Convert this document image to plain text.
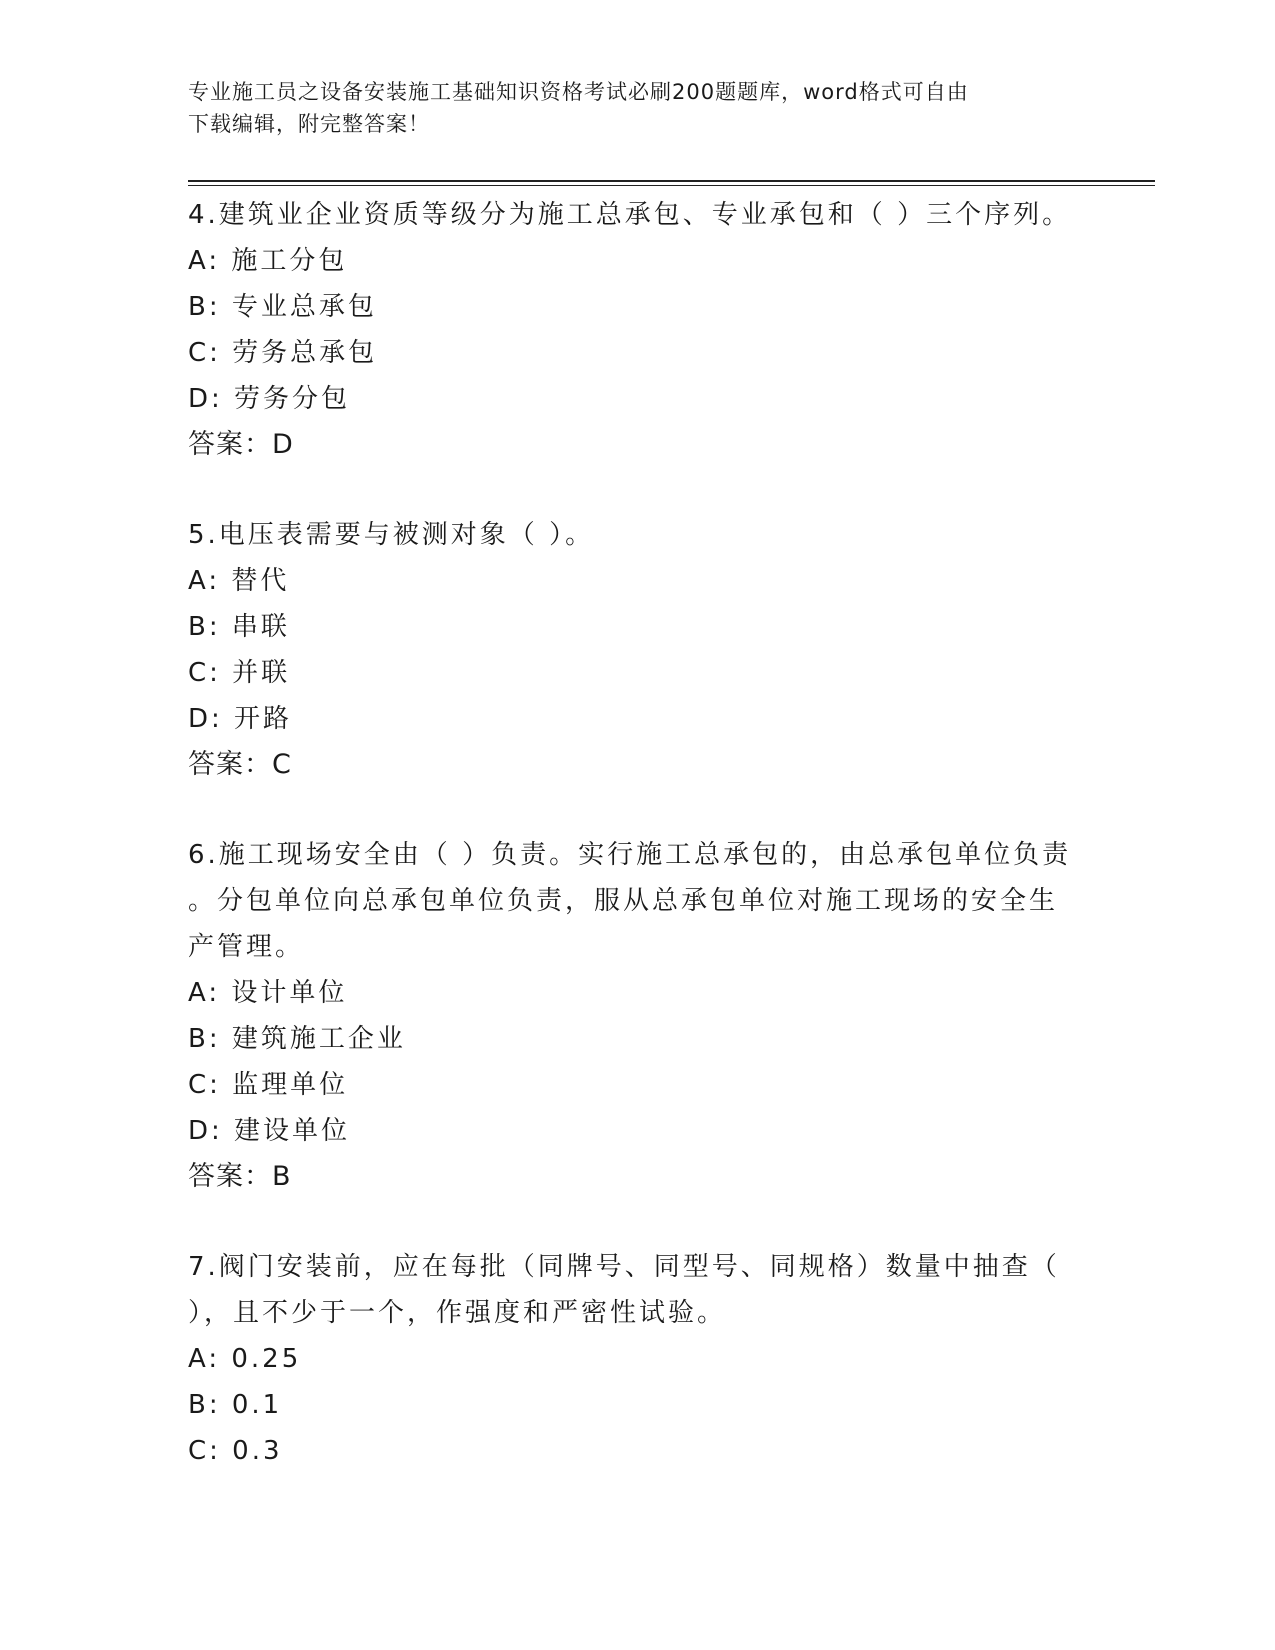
专业施工员之设备安装施工基础知识资格考试必刷200题题库，word格式可自由
下载编辑，附完整答案！
4.建筑业企业资质等级分为施工总承包、专业承包和（ ）三个序列。
A: 施工分包
B: 专业总承包
C: 劳务总承包
D: 劳务分包
答案：D
5.电压表需要与被测对象（ ）。
A: 替代
B: 串联
C: 并联
D: 开路
答案：C
6.施工现场安全由（ ）负责。实行施工总承包的，由总承包单位负责
。分包单位向总承包单位负责，服从总承包单位对施工现场的安全生
产管理。
A: 设计单位
B: 建筑施工企业
C: 监理单位
D: 建设单位
答案：B
7.阀门安装前，应在每批（同牌号、同型号、同规格）数量中抽查（
），且不少于一个，作强度和严密性试验。
A: 0.25
B: 0.1
C: 0.3
